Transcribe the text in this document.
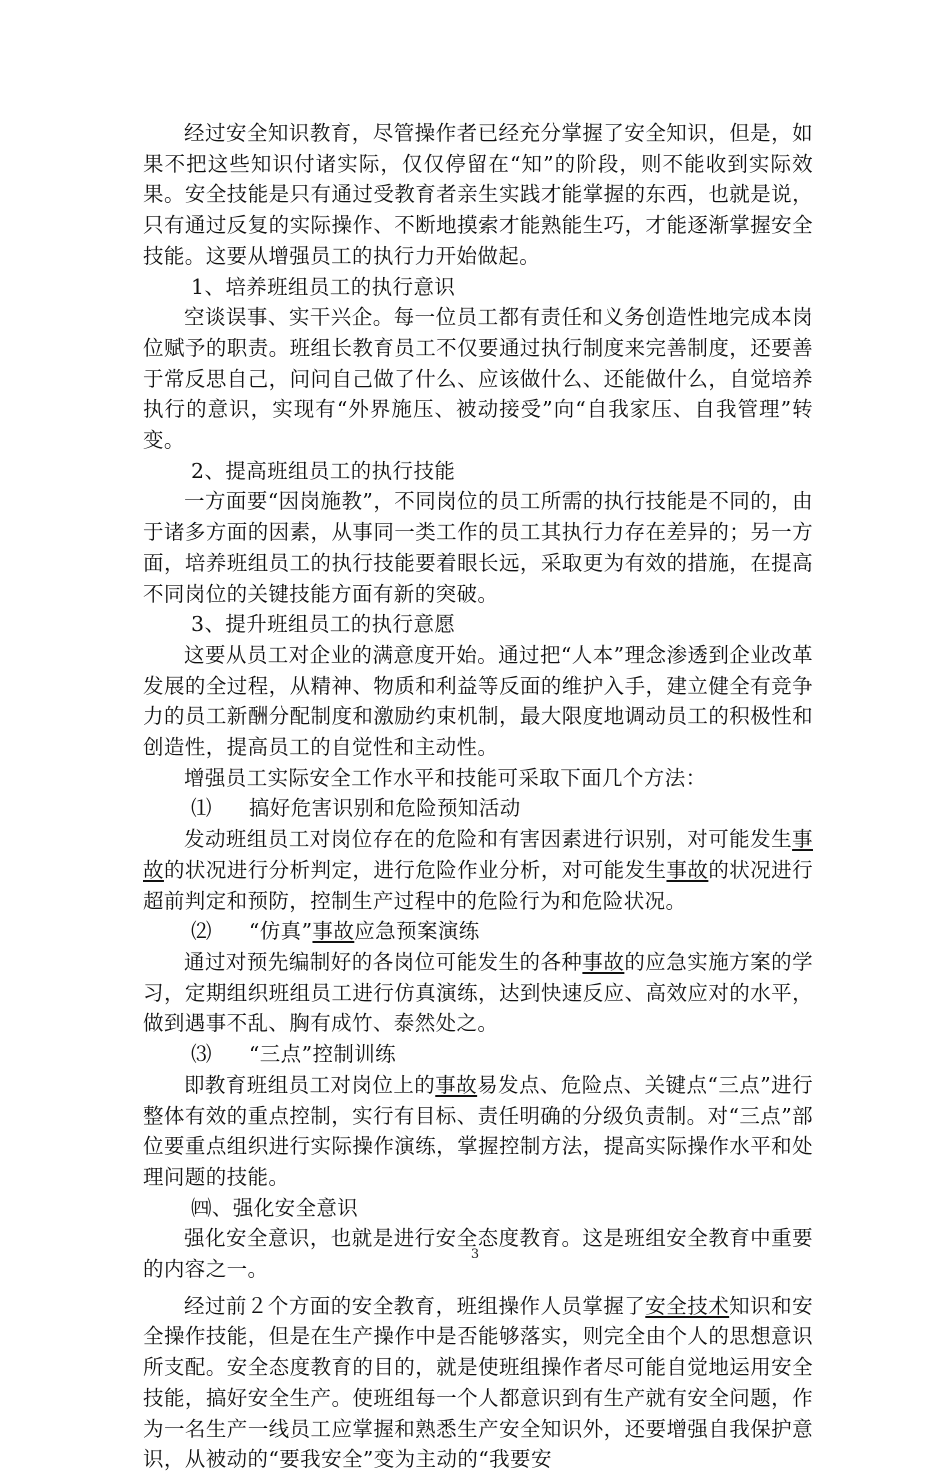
经过安全知识教育，尽管操作者已经充分掌握了安全知识，但是，如果不把这些知识付诸实际，仅仅停留在“知”的阶段，则不能收到实际效果。安全技能是只有通过受教育者亲生实践才能掌握的东西，也就是说，只有通过反复的实际操作、不断地摸索才能熟能生巧，才能逐渐掌握安全技能。这要从增强员工的执行力开始做起。

1、培养班组员工的执行意识

空谈误事、实干兴企。每一位员工都有责任和义务创造性地完成本岗位赋予的职责。班组长教育员工不仅要通过执行制度来完善制度，还要善于常反思自己，问问自己做了什么、应该做什么、还能做什么，自觉培养执行的意识，实现有“外界施压、被动接受”向“自我家压、自我管理”转变。

2、提高班组员工的执行技能

一方面要“因岗施教”，不同岗位的员工所需的执行技能是不同的，由于诸多方面的因素，从事同一类工作的员工其执行力存在差异的；另一方面，培养班组员工的执行技能要着眼长远，采取更为有效的措施，在提高不同岗位的关键技能方面有新的突破。

3、提升班组员工的执行意愿

这要从员工对企业的满意度开始。通过把“人本”理念渗透到企业改革发展的全过程，从精神、物质和利益等反面的维护入手，建立健全有竞争力的员工新酬分配制度和激励约束机制，最大限度地调动员工的积极性和创造性，提高员工的自觉性和主动性。

增强员工实际安全工作水平和技能可采取下面几个方法：

⑴ 搞好危害识别和危险预知活动

发动班组员工对岗位存在的危险和有害因素进行识别，对可能发生事故的状况进行分析判定，进行危险作业分析，对可能发生事故的状况进行超前判定和预防，控制生产过程中的危险行为和危险状况。

⑵ “仿真”事故应急预案演练

通过对预先编制好的各岗位可能发生的各种事故的应急实施方案的学习，定期组织班组员工进行仿真演练，达到快速反应、高效应对的水平，做到遇事不乱、胸有成竹、泰然处之。

⑶ “三点”控制训练

即教育班组员工对岗位上的事故易发点、危险点、关键点“三点”进行整体有效的重点控制，实行有目标、责任明确的分级负责制。对“三点”部位要重点组织进行实际操作演练，掌握控制方法，提高实际操作水平和处理问题的技能。

㈣、强化安全意识

强化安全意识，也就是进行安全态度教育。这是班组安全教育中重要的内容之一。

经过前２个方面的安全教育，班组操作人员掌握了安全技术知识和安全操作技能，但是在生产操作中是否能够落实，则完全由个人的思想意识所支配。安全态度教育的目的，就是使班组操作者尽可能自觉地运用安全技能，搞好安全生产。使班组每一个人都意识到有生产就有安全问题，作为一名生产一线员工应掌握和熟悉生产安全知识外，还要增强自我保护意识，从被动的“要我安全”变为主动的“我要安

3
